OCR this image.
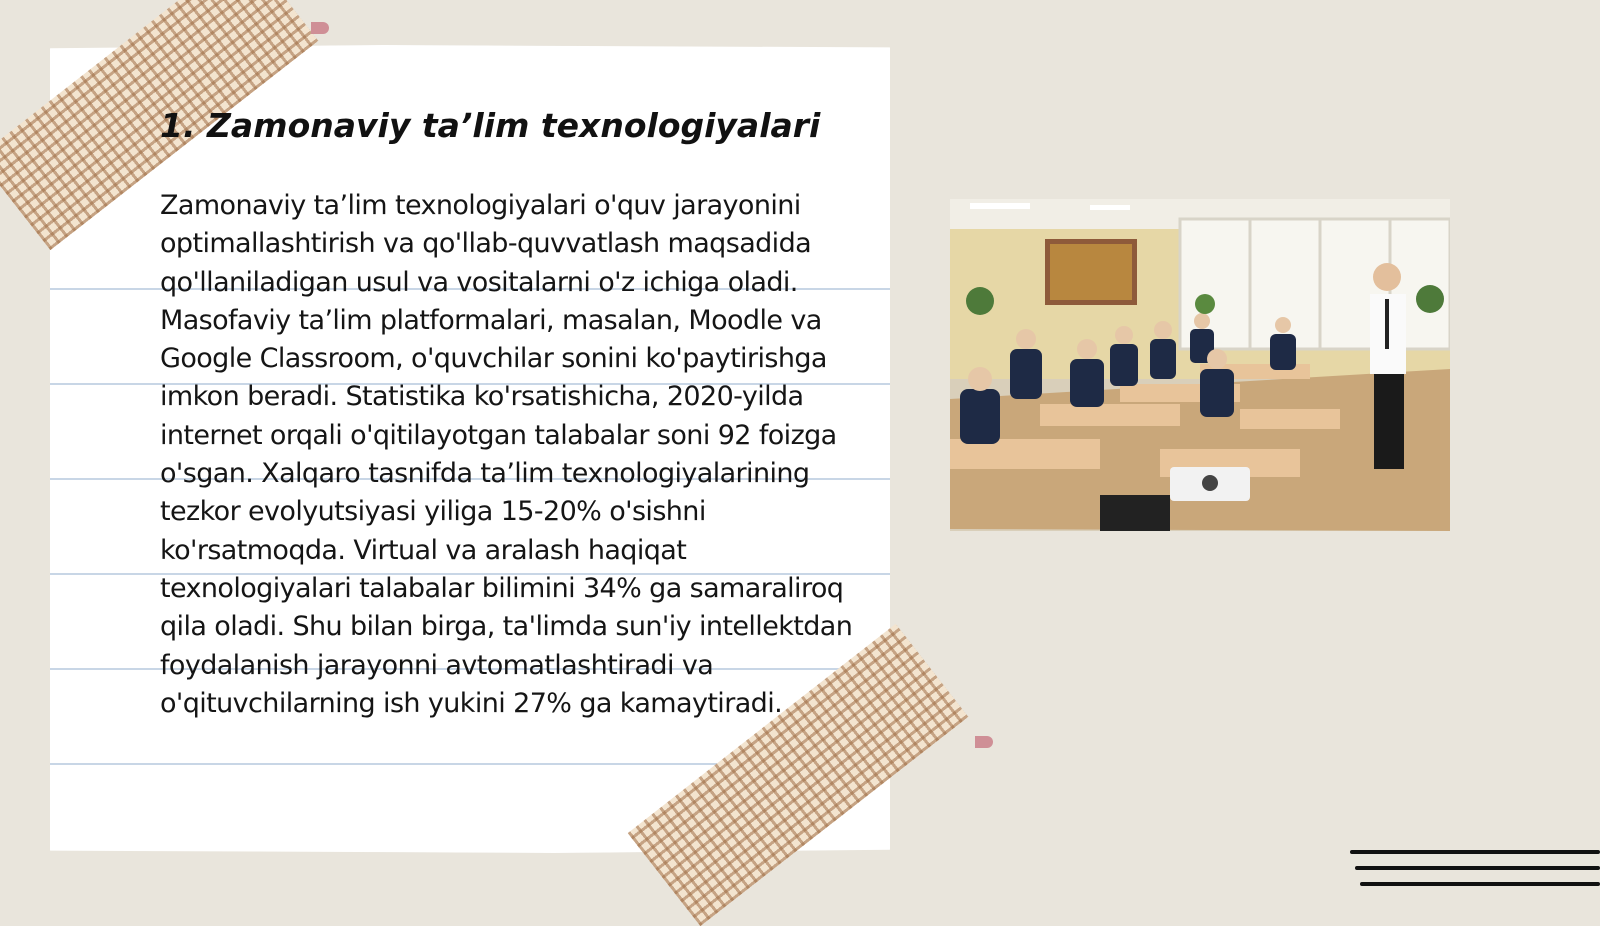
1. Zamonaviy ta’lim texnologiyalari

Zamonaviy ta’lim texnologiyalari o'quv jarayonini optimallashtirish va qo'llab-quvvatlash maqsadida qo'llaniladigan usul va vositalarni o'z ichiga oladi. Masofaviy ta’lim platformalari, masalan, Moodle va Google Classroom, o'quvchilar sonini ko'paytirishga imkon beradi. Statistika ko'rsatishicha, 2020-yilda internet orqali o'qitilayotgan talabalar soni 92 foizga o'sgan. Xalqaro tasnifda ta’lim texnologiyalarining tezkor evolyutsiyasi yiliga 15-20% o'sishni ko'rsatmoqda. Virtual va aralash haqiqat texnologiyalari talabalar bilimini 34% ga samaraliroq qila oladi. Shu bilan birga, ta'limda sun'iy intellektdan foydalanish jarayonni avtomatlashtiradi va o'qituvchilarning ish yukini 27% ga kamaytiradi.
